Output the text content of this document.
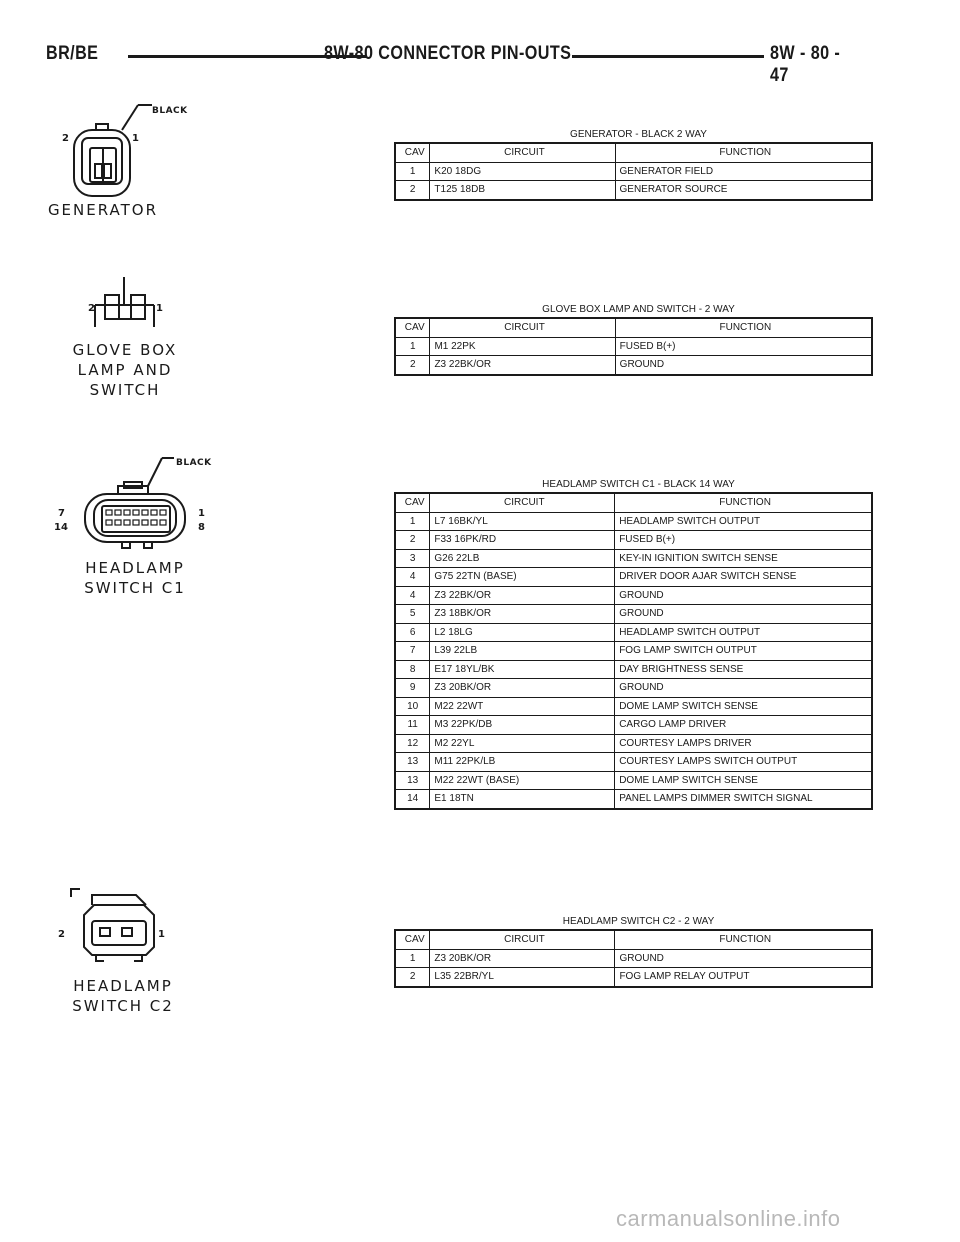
BR/BE	8W-80 CONNECTOR PIN-OUTS	8W - 80 - 47
BLACK
2	1
GENERATOR
2	1
GLOVE BOX
LAMP AND SWITCH
BLACK
7
14
1
8
HEADLAMP
SWITCH C1
2	1
HEADLAMP
SWITCH C2
GENERATOR - BLACK 2 WAY
CAV	CIRCUIT	FUNCTION
1	K20 18DG	GENERATOR FIELD
2	T125 18DB	GENERATOR SOURCE
GLOVE BOX LAMP AND SWITCH - 2 WAY
CAV	CIRCUIT	FUNCTION
1	M1 22PK	FUSED B(+)
2	Z3 22BK/OR	GROUND
HEADLAMP SWITCH C1 - BLACK 14 WAY
CAV	CIRCUIT	FUNCTION
1	L7 16BK/YL	HEADLAMP SWITCH OUTPUT
2	F33 16PK/RD	FUSED B(+)
3	G26 22LB	KEY-IN IGNITION SWITCH SENSE
4	G75 22TN (BASE)	DRIVER DOOR AJAR SWITCH SENSE
4	Z3 22BK/OR	GROUND
5	Z3 18BK/OR	GROUND
6	L2 18LG	HEADLAMP SWITCH OUTPUT
7	L39 22LB	FOG LAMP SWITCH OUTPUT
8	E17 18YL/BK	DAY BRIGHTNESS SENSE
9	Z3 20BK/OR	GROUND
10	M22 22WT	DOME LAMP SWITCH SENSE
11	M3 22PK/DB	CARGO LAMP DRIVER
12	M2 22YL	COURTESY LAMPS DRIVER
13	M11 22PK/LB	COURTESY LAMPS SWITCH OUTPUT
13	M22 22WT (BASE)	DOME LAMP SWITCH SENSE
14	E1 18TN	PANEL LAMPS DIMMER SWITCH SIGNAL
HEADLAMP SWITCH C2 - 2 WAY
CAV	CIRCUIT	FUNCTION
1	Z3 20BK/OR	GROUND
2	L35 22BR/YL	FOG LAMP RELAY OUTPUT
carmanualsonline.info
